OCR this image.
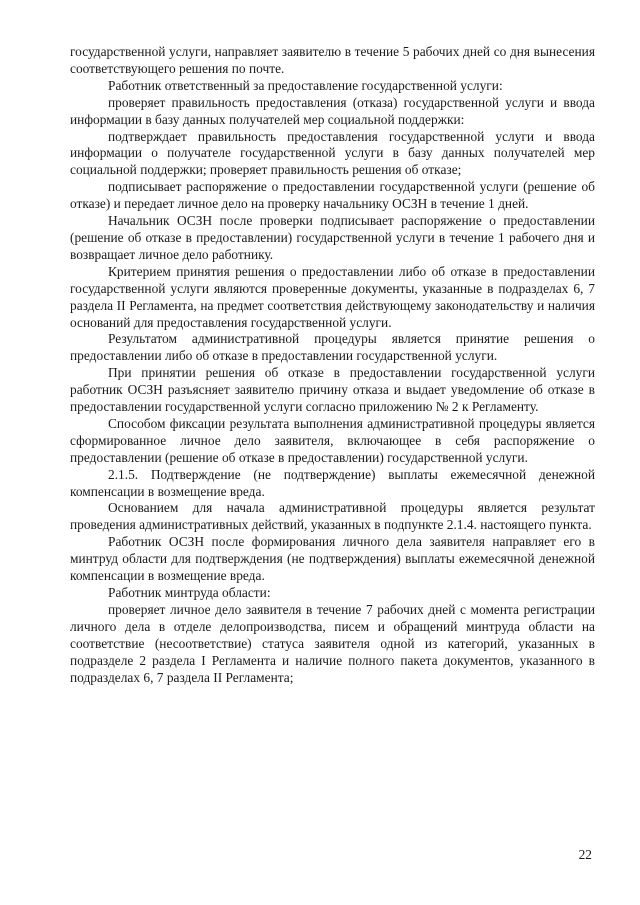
государственной услуги, направляет заявителю в течение 5 рабочих дней со дня вынесения соответствующего решения по почте.

Работник ответственный за предоставление государственной услуги:

проверяет правильность предоставления (отказа) государственной услуги и ввода информации в базу данных получателей мер социальной поддержки:

подтверждает правильность предоставления государственной услуги и ввода информации о получателе государственной услуги в базу данных получателей мер социальной поддержки; проверяет правильность решения об отказе;

подписывает распоряжение о предоставлении государственной услуги (решение об отказе) и передает личное дело на проверку начальнику ОСЗН в течение 1 дней.

Начальник ОСЗН после проверки подписывает распоряжение о предоставлении (решение об отказе в предоставлении) государственной услуги в течение 1 рабочего дня и возвращает личное дело работнику.

Критерием принятия решения о предоставлении либо об отказе в предоставлении государственной услуги являются проверенные документы, указанные в подразделах 6, 7 раздела II Регламента, на предмет соответствия действующему законодательству и наличия оснований для предоставления государственной услуги.

Результатом административной процедуры является принятие решения о предоставлении либо об отказе в предоставлении государственной услуги.

При принятии решения об отказе в предоставлении государственной услуги работник ОСЗН разъясняет заявителю причину отказа и выдает уведомление об отказе в предоставлении государственной услуги согласно приложению № 2 к Регламенту.

Способом фиксации результата выполнения административной процедуры является сформированное личное дело заявителя, включающее в себя распоряжение о предоставлении (решение об отказе в предоставлении) государственной услуги.

2.1.5. Подтверждение (не подтверждение) выплаты ежемесячной денежной компенсации в возмещение вреда.

Основанием для начала административной процедуры является результат проведения административных действий, указанных в подпункте 2.1.4. настоящего пункта.

Работник ОСЗН после формирования личного дела заявителя направляет его в минтруд области для подтверждения (не подтверждения) выплаты ежемесячной денежной компенсации в возмещение вреда.

Работник минтруда области:

проверяет личное дело заявителя в течение 7 рабочих дней с момента регистрации личного дела в отделе делопроизводства, писем и обращений минтруда области на соответствие (несоответствие) статуса заявителя одной из категорий, указанных в подразделе 2 раздела I Регламента и наличие полного пакета документов, указанного в подразделах 6, 7 раздела II Регламента;

22
